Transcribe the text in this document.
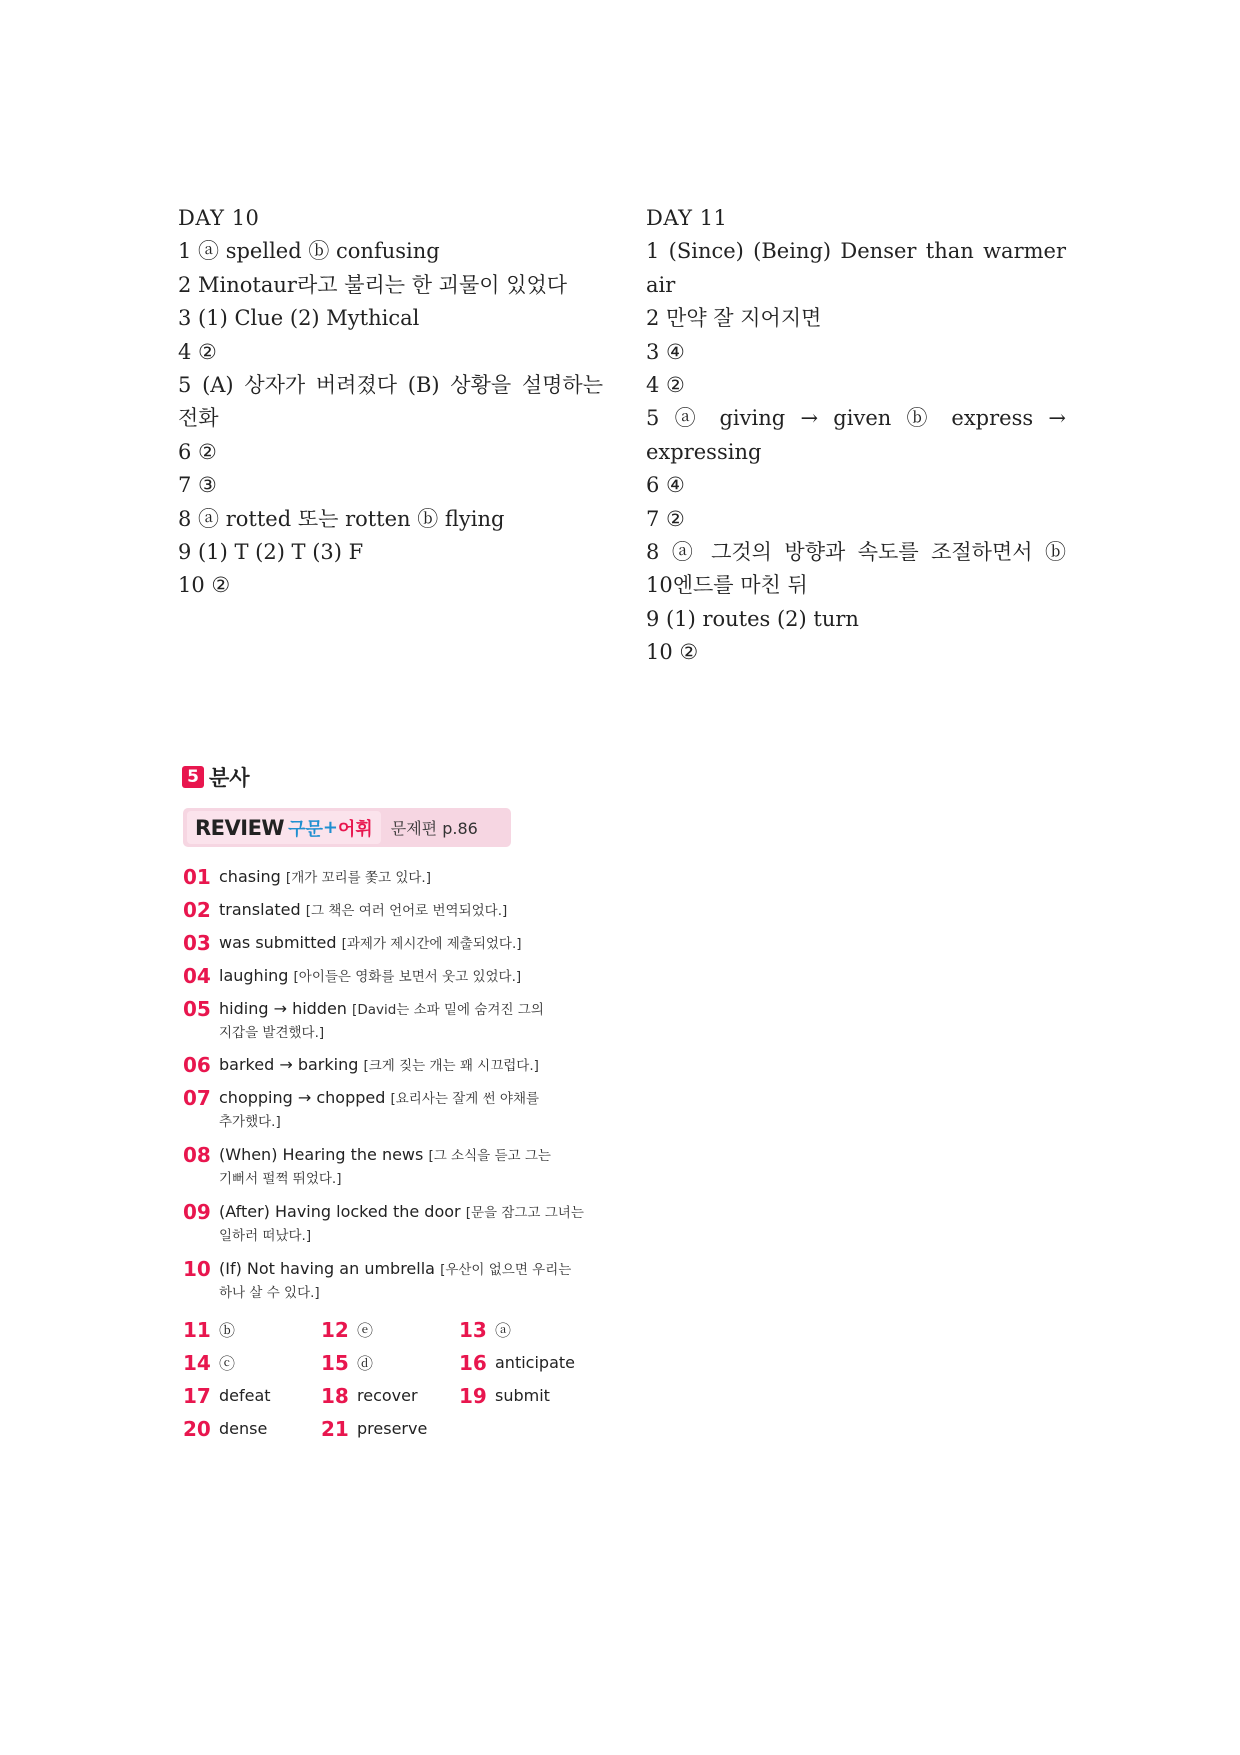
DAY 10
1 ⓐ spelled ⓑ confusing
2 Minotaur라고 불리는 한 괴물이 있었다
3 (1) Clue (2) Mythical
4 ②
5 (A) 상자가 버려졌다 (B) 상황을 설명하는
전화
6 ②
7 ③
8 ⓐ rotted 또는 rotten ⓑ flying
9 (1) T (2) T (3) F
10 ②
DAY 11
1 (Since) (Being) Denser than warmer
air
2 만약 잘 지어지면
3 ④
4 ②
5 ⓐ giving → given ⓑ express →
expressing
6 ④
7 ②
8 ⓐ 그것의 방향과 속도를 조절하면서 ⓑ
10엔드를 마친 뒤
9 (1) routes (2) turn
10 ②
5 분사
REVIEW 구문 + 어휘 문제편 p.86
01 chasing [개가 꼬리를 쫓고 있다.]
02 translated [그 책은 여러 언어로 번역되었다.]
03 was submitted [과제가 제시간에 제출되었다.]
04 laughing [아이들은 영화를 보면서 웃고 있었다.]
05 hiding → hidden [David는 소파 밑에 숨겨진 그의
지갑을 발견했다.]
06 barked → barking [크게 짖는 개는 꽤 시끄럽다.]
07 chopping → chopped [요리사는 잘게 썬 야채를
추가했다.]
08 (When) Hearing the news [그 소식을 듣고 그는
기뻐서 펄쩍 뛰었다.]
09 (After) Having locked the door [문을 잠그고 그녀는
일하러 떠났다.]
10 (If) Not having an umbrella [우산이 없으면 우리는
하나 살 수 있다.]
11 ⓑ	12 ⓔ	13 ⓐ
14 ⓒ	15 ⓓ	16 anticipate
17 defeat	18 recover 19 submit
20 dense	21 preserve
